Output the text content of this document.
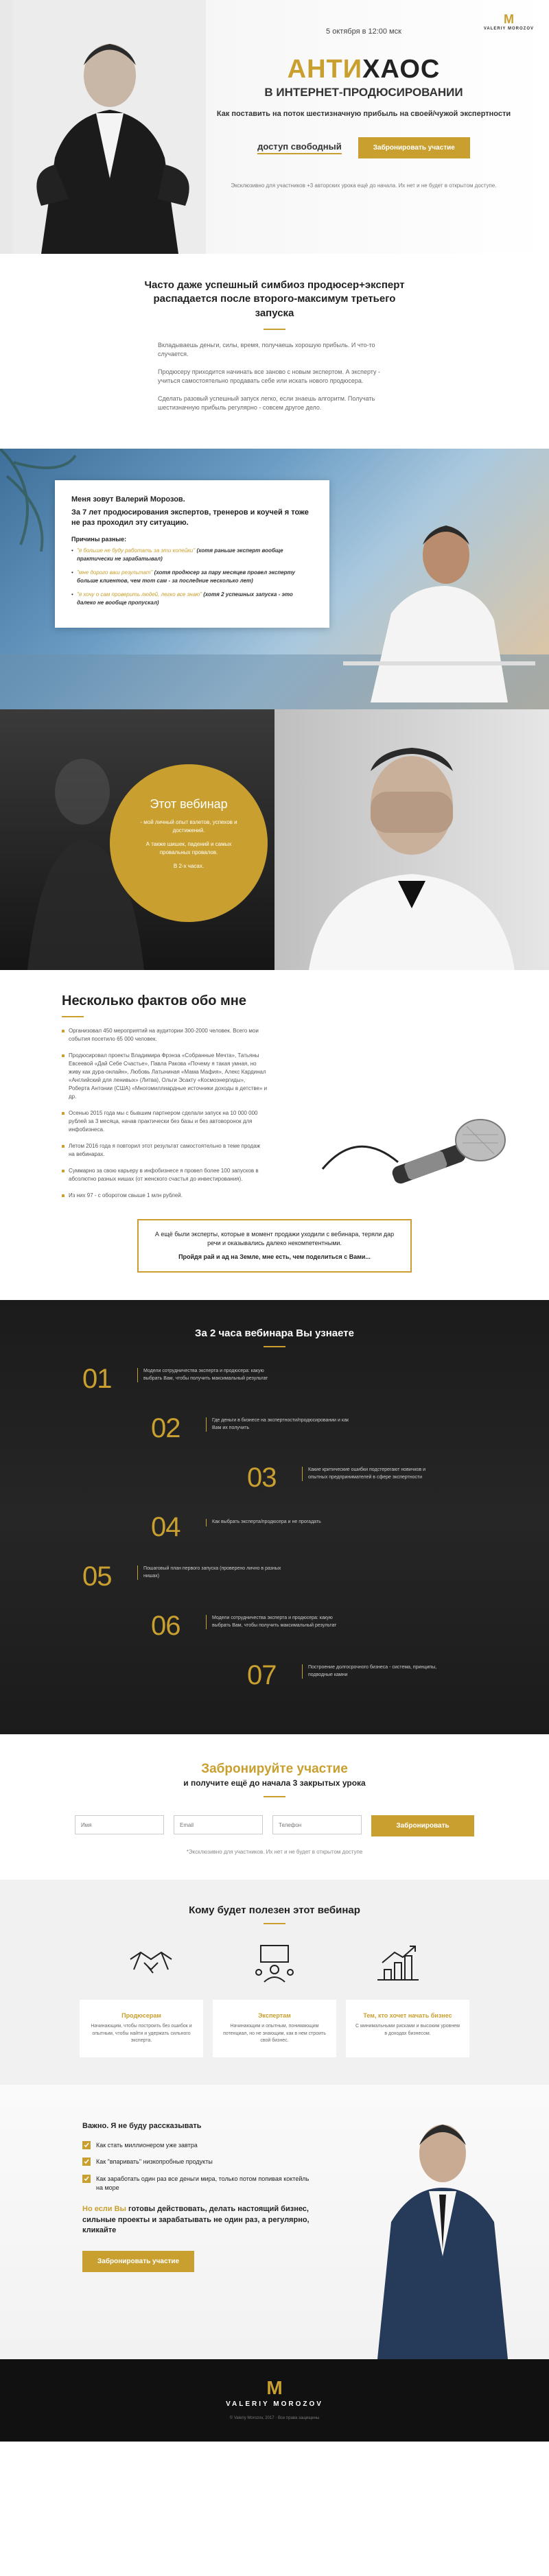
M
VALERIY MOROZOV
5 октября в 12:00 мск
АНТИХАОС
В ИНТЕРНЕТ-ПРОДЮСИРОВАНИИ
Как поставить на поток шестизначную прибыль на своей/чужой экспертности
доступ свободный	Забронировать участие
Эксклюзивно для участников +3 авторских урока ещё до начала. Их нет и не будет в открытом доступе.
Часто даже успешный симбиоз продюсер+эксперт распадается после второго-максимум третьего запуска

Вкладываешь деньги, силы, время, получаешь хорошую прибыль. И что-то случается.

Продюсеру приходится начинать все заново с новым экспертом. А эксперту - учиться самостоятельно продавать себе или искать нового продюсера.

Сделать разовый успешный запуск легко, если знаешь алгоритм. Получать шестизначную прибыль регулярно - совсем другое дело.

Меня зовут Валерий Морозов.
За 7 лет продюсирования экспертов, тренеров и коучей я тоже не раз проходил эту ситуацию.
Причины разные:
• "я больше не буду работать за эти копейки" (хотя раньше эксперт вообще практически не зарабатывал)
• "мне дорого ваш результат" (хотя продюсер за пару месяцев провел эксперту больше клиентов, чем тот сам - за последние несколько лет)
• "я хочу о сам проверить людей, легко все знаю" (хотя 2 успешных запуска - это далеко не вообще пропускал)
Этот вебинар

- мой личный опыт взлетов, успехов и достижений.

А также шишек, падений и самых провальных провалов.

В 2-х часах.

Несколько фактов обо мне
Организовал 450 мероприятий на аудитории 300-2000 человек. Всего мои события посетило 65 000 человек.
Продюсировал проекты Владимира Фрэнза «Собранные Мечта», Татьяны Евсеевой «Дай Себе Счастье», Павла Ракова «Почему я такая умная, но живу как дура-онлайн», Любовь Латыниная «Мама Мафия», Алекс Кардинал «Английский для ленивых» (Литва), Ольги Эсакту «Космоэнергиды», Роберта Антонии (США) «Многомиллиардные источники доходы в детстве» и др.
Осенью 2015 года мы с бывшим партнером сделали запуск на 10 000 000 рублей за 3 месяца, начав практически без базы и без автоворонок для инфобизнеса.
Летом 2016 года я повторил этот результат самостоятельно в теме продаж на вебинарах.
Суммарно за свою карьеру в инфобизнесе я провел более 100 запусков в абсолютно разных нишах (от женского счастья до инвестирования).
Из них 97 - с оборотом свыше 1 млн рублей.
А ещё были эксперты, которые в момент продажи уходили с вебинара, теряли дар речи и оказывались далеко некомпетентными.
Пройдя рай и ад на Земле, мне есть, чем поделиться с Вами...
За 2 часа вебинара Вы узнаете
01	Модели сотрудничества эксперта и продюсера: какую выбрать Вам, чтобы получить максимальный результат
02	Где деньги в бизнесе на экспертности/продюсировании и как Вам их получить
03	Какие критические ошибки подстерегают новичков и опытных предпринимателей в сфере экспертности
04	Как выбрать эксперта/продюсера и не прогадать
05	Пошаговый план первого запуска (проверено лично в разных нишах)
06	Модели сотрудничества эксперта и продюсера: какую выбрать Вам, чтобы получить максимальный результат
07	Построение долгосрочного бизнеса - система, принципы, подводные камни
Забронируйте участие
и получите ещё до начала 3 закрытых урока
Имя
Email
Телефон
Забронировать
*Эксклюзивно для участников. Их нет и не будет в открытом доступе
Кому будет полезен этот вебинар
Продюсерам

Начинающим, чтобы построить без ошибок и опытным, чтобы найти и удержать сильного эксперта.

Экспертам

Начинающим и опытным, понимающим потенциал, но не знающим, как в нем строить свой бизнес.

Тем, кто хочет начать бизнес

С минимальными рисками и высоким уровнем в доходах бизнесом.

Важно. Я не буду рассказывать
Как стать миллионером уже завтра
Как "впаривать" низкопробные продукты
Как заработать один раз все деньги мира, только потом попивая коктейль на море
Но если Вы готовы действовать, делать настоящий бизнес, сильные проекты и зарабатывать не один раз, а регулярно, кликайте
Забронировать участие
M
VALERIY MOROZOV
© Valeriy Morozov, 2017 · Все права защищены
